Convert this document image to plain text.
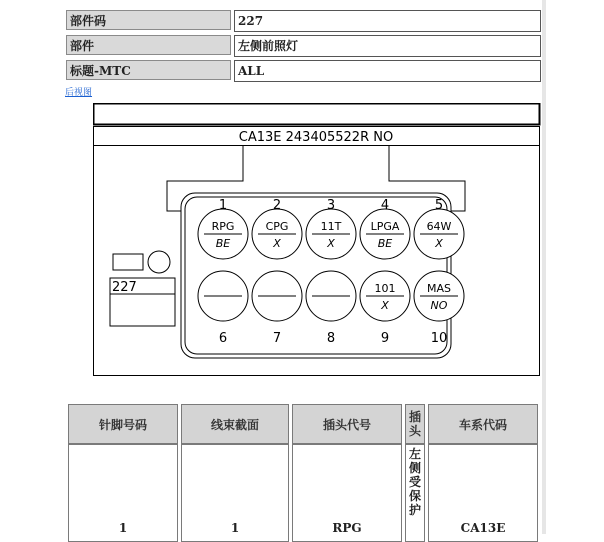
部件码	227
部件	左侧前照灯
标题-MTC	ALL
后视图
CA13E 243405522R NO
227
1
RPG
BE
2
CPG
X
3
11T
X
4
LPGA
BE
5
64W
X
6	7	8	9
101
X
10
MAS
NO
针脚号码		线束截面		插头代号		插头		车系代码
1		1		RPG		左侧受保护		CA13E
